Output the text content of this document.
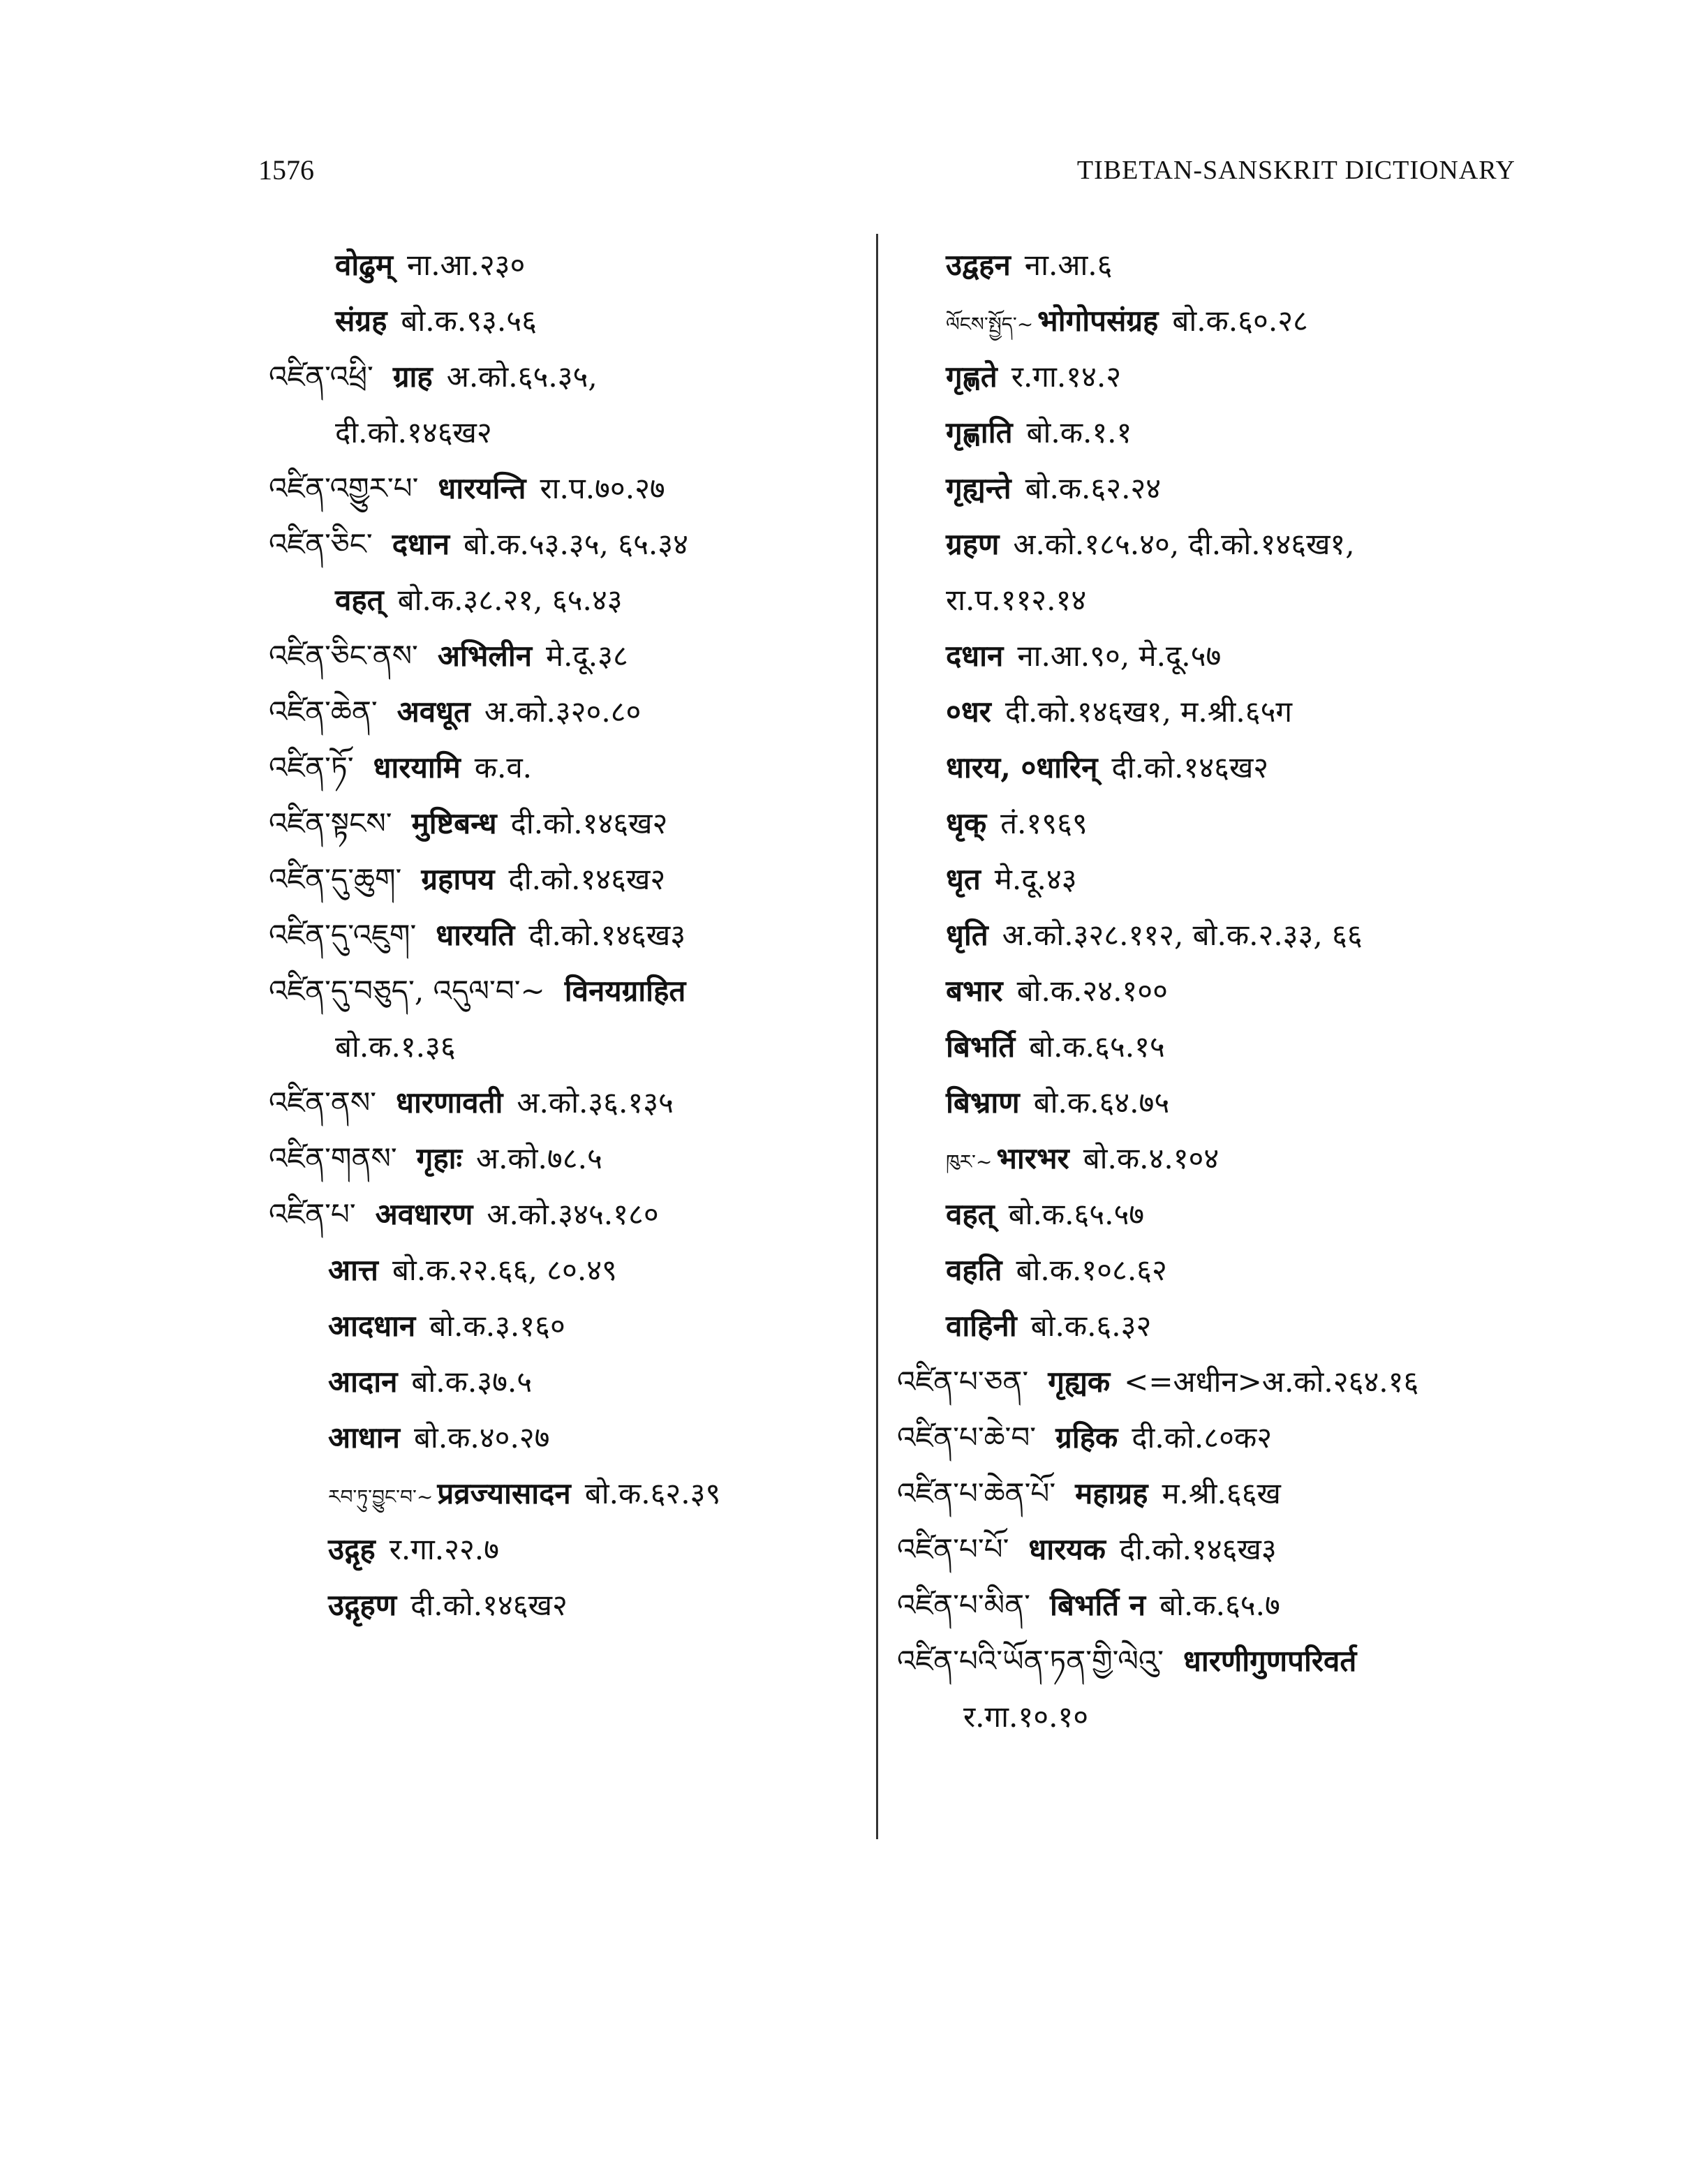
1576	TIBETAN-SANSKRIT DICTIONARY
वोढुम् ना.आ.२३०
संग्रह बो.क.९३.५६
འཛིན་འཕྲི་ ग्राह अ.को.६५.३५,
दी.को.१४६ख२
འཛིན་འགྱུར་པ་ धारयन्ति रा.प.७०.२७
འཛིན་ཅིང་ दधान बो.क.५३.३५, ६५.३४
वहत् बो.क.३८.२१, ६५.४३
འཛིན་ཅིང་ནས་ अभिलीन मे.दू.३८
འཛིན་ཆེན་ अवधूत अ.को.३२०.८०
འཛིན་ཏོ་ धारयामि क.व.
འཛིན་སྟངས་ मुष्टिबन्ध दी.को.१४६ख२
འཛིན་དུ་ཆུག་ ग्रहापय दी.को.१४६ख२
འཛིན་དུ་འཇུག་ धारयति दी.को.१४६ख३
འཛིན་དུ་བཅུད་, འདུལ་བ་~ विनयग्राहित
बो.क.१.३६
འཛིན་ནས་ धारणावती अ.को.३६.१३५
འཛིན་གནས་ गृहाः अ.को.७८.५
འཛིན་པ་ अवधारण अ.को.३४५.१८०
आत्त बो.क.२२.६६, ८०.४९
आदधान बो.क.३.१६०
आदान बो.क.३७.५
आधान बो.क.४०.२७
རབ་ཏུ་བྱུང་བ་~ प्रव्रज्यासादन बो.क.६२.३९
उद्गृह र.गा.२२.७
उद्गृहण दी.को.१४६ख२
उद्वहन ना.आ.६
ལོངས་སྤྱོད་~ भोगोपसंग्रह बो.क.६०.२८
गृह्णते र.गा.१४.२
गृह्णाति बो.क.१.१
गृह्यन्ते बो.क.६२.२४
ग्रहण अ.को.१८५.४०, दी.को.१४६ख१,
रा.प.११२.१४
दधान ना.आ.९०, मे.दू.५७
०धर दी.को.१४६ख१, म.श्री.६५ग
धारय, ०धारिन् दी.को.१४६ख२
धृक् तं.१९६९
धृत मे.दू.४३
धृति अ.को.३२८.११२, बो.क.२.३३, ६६
बभार बो.क.२४.१००
बिभर्ति बो.क.६५.१५
बिभ्राण बो.क.६४.७५
ཁུར་~ भारभर बो.क.४.१०४
वहत् बो.क.६५.५७
वहति बो.क.१०८.६२
वाहिनी बो.क.६.३२
འཛིན་པ་ཅན་ गृह्यक <=अधीन>अ.को.२६४.१६
འཛིན་པ་ཆེ་བ་ ग्रहिक दी.को.८०क२
འཛིན་པ་ཆེན་པོ་ महाग्रह म.श्री.६६ख
འཛིན་པ་པོ་ धारयक दी.को.१४६ख३
འཛིན་པ་མིན་ बिभर्ति न बो.क.६५.७
འཛིན་པའི་ཡོན་ཏན་གྱི་ལེའུ་ धारणीगुणपरिवर्त
र.गा.१०.१०
